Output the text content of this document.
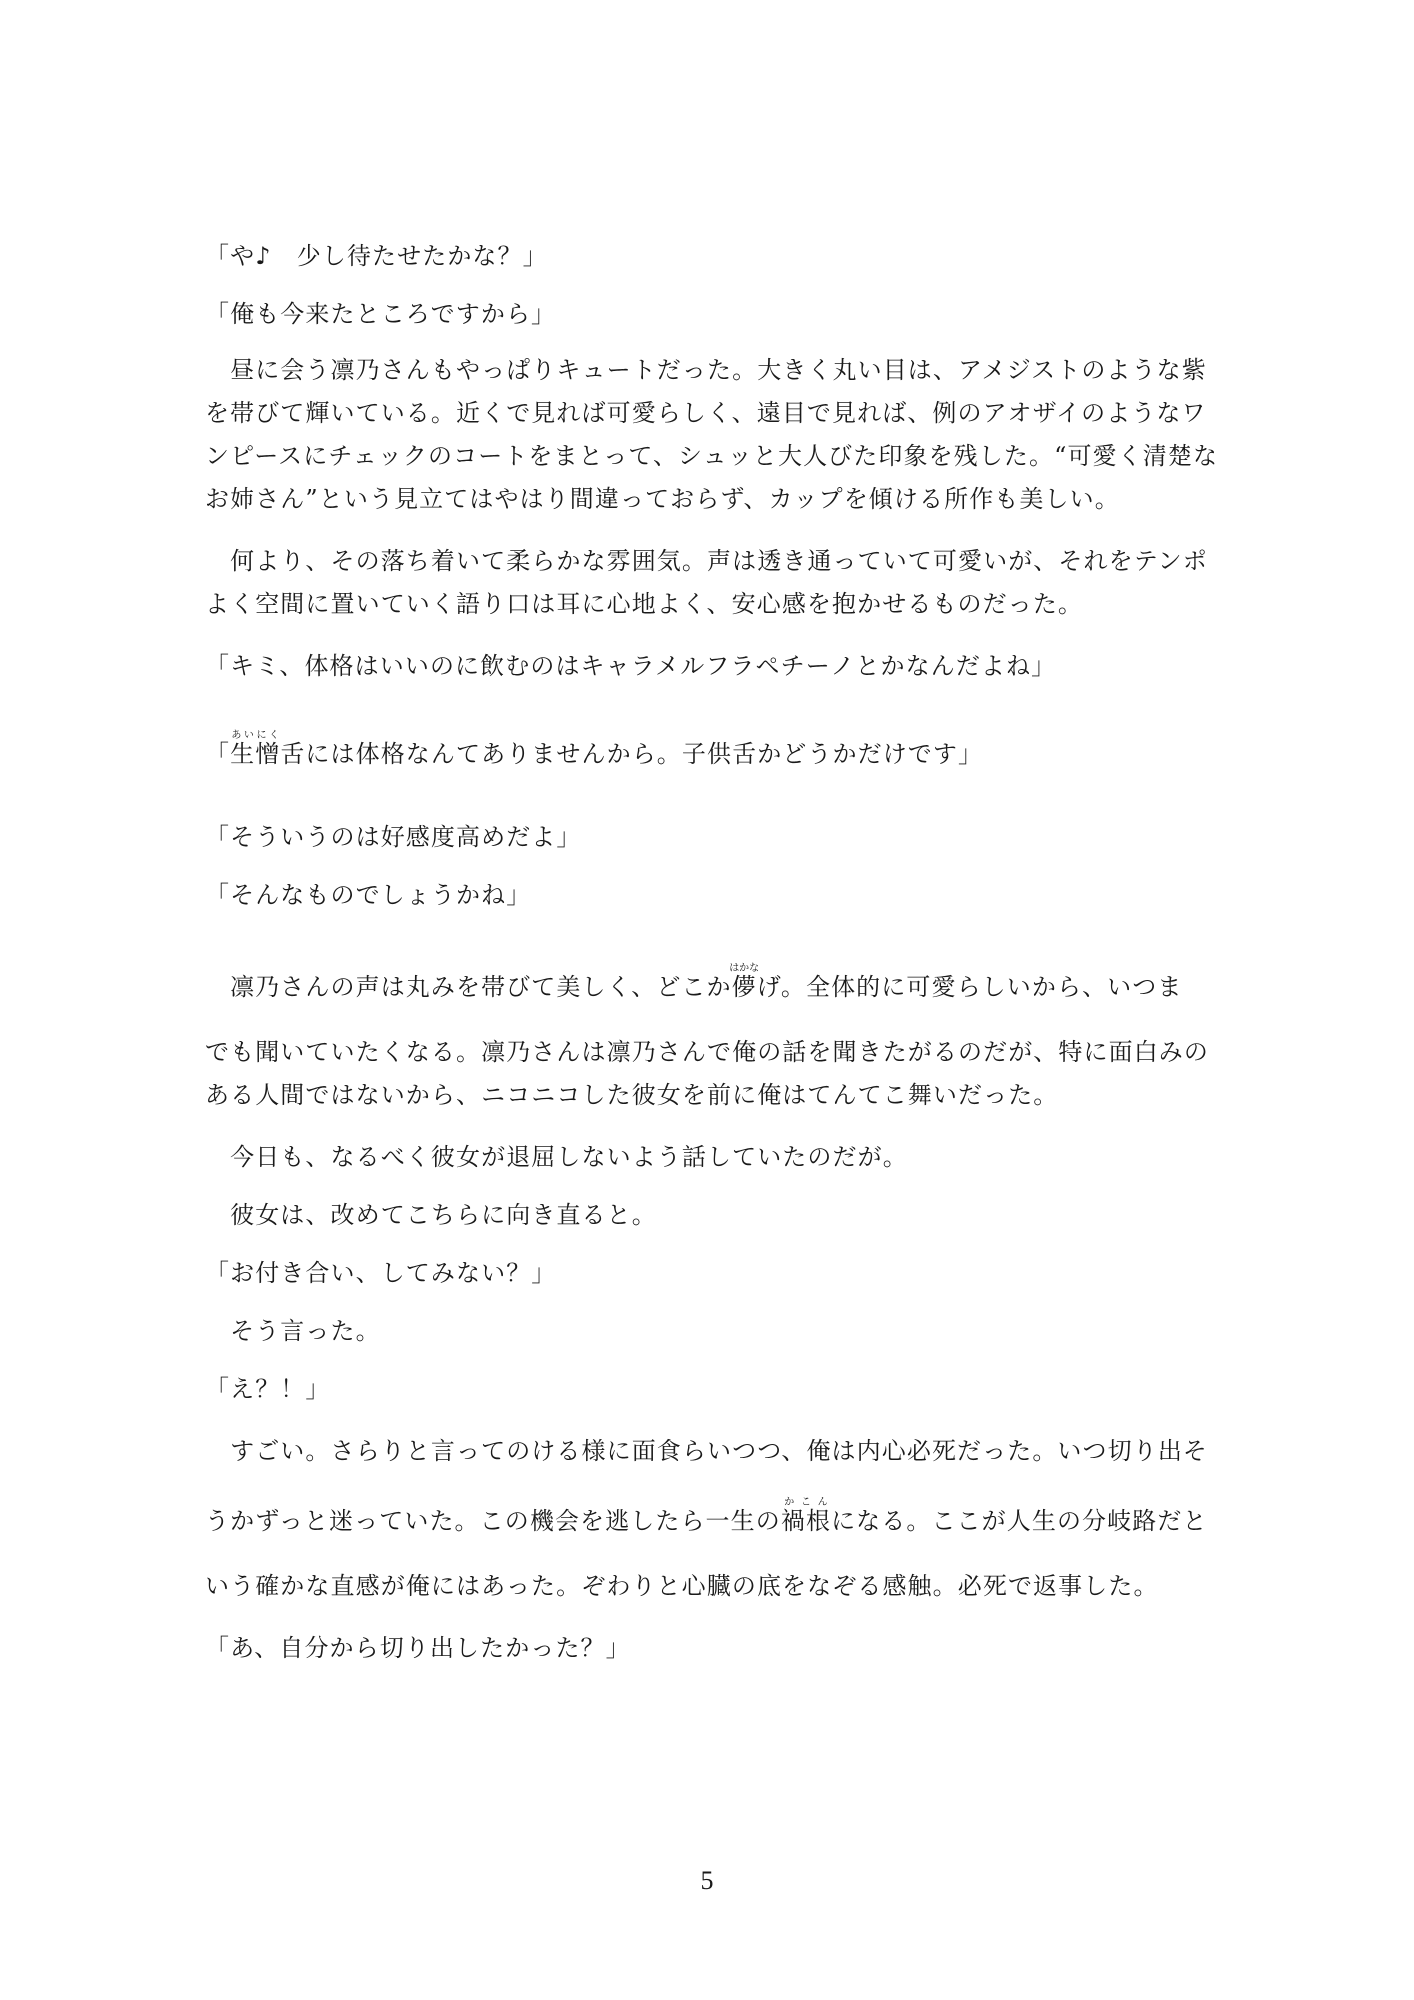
「や♪　少し待たせたかな？」
「俺も今来たところですから」
　昼に会う凛乃さんもやっぱりキュートだった。大きく丸い目は、アメジストのような紫
を帯びて輝いている。近くで見れば可愛らしく、遠目で見れば、例のアオザイのようなワ
ンピースにチェックのコートをまとって、シュッと大人びた印象を残した。“可愛く清楚な
お姉さん”という見立てはやはり間違っておらず、カップを傾ける所作も美しい。
　何より、その落ち着いて柔らかな雰囲気。声は透き通っていて可愛いが、それをテンポ
よく空間に置いていく語り口は耳に心地よく、安心感を抱かせるものだった。
「キミ、体格はいいのに飲むのはキャラメルフラペチーノとかなんだよね」
「生憎あいにく舌には体格なんてありませんから。子供舌かどうかだけです」
「そういうのは好感度高めだよ」
「そんなものでしょうかね」
　凛乃さんの声は丸みを帯びて美しく、どこか儚はかなげ。全体的に可愛らしいから、いつま
でも聞いていたくなる。凛乃さんは凛乃さんで俺の話を聞きたがるのだが、特に面白みの
ある人間ではないから、ニコニコした彼女を前に俺はてんてこ舞いだった。
　今日も、なるべく彼女が退屈しないよう話していたのだが。
　彼女は、改めてこちらに向き直ると。
「お付き合い、してみない？」
　そう言った。
「え？！」
　すごい。さらりと言ってのける様に面食らいつつ、俺は内心必死だった。いつ切り出そ
うかずっと迷っていた。この機会を逃したら一生の禍根かこんになる。ここが人生の分岐路だと
いう確かな直感が俺にはあった。ぞわりと心臓の底をなぞる感触。必死で返事した。
「あ、自分から切り出したかった？」
5
